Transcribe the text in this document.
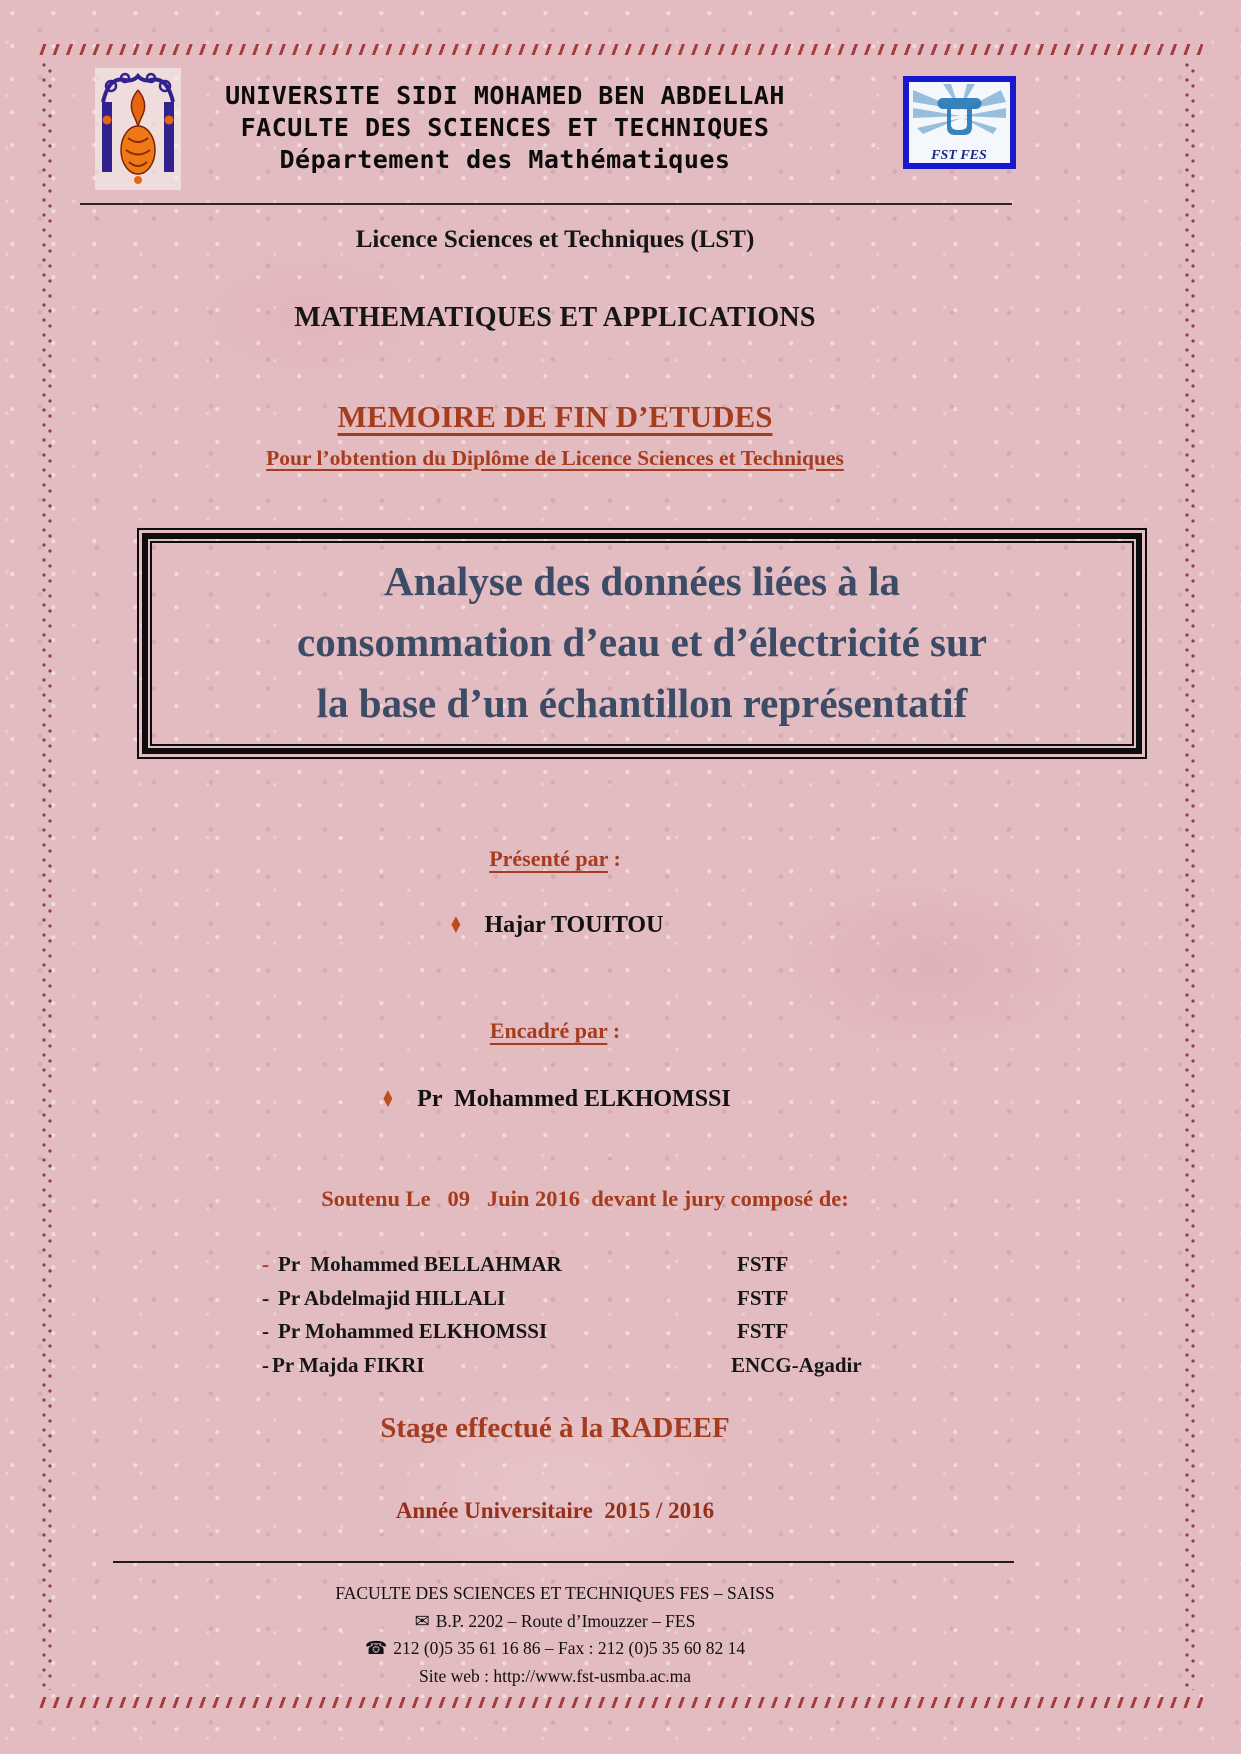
UNIVERSITE SIDI MOHAMED BEN ABDELLAH
FACULTE DES SCIENCES ET TECHNIQUES
Département des Mathématiques	FST FES
Licence Sciences et Techniques (LST)
MATHEMATIQUES ET APPLICATIONS
MEMOIRE DE FIN D’ETUDES
Pour l’obtention du Diplôme de Licence Sciences et Techniques
Analyse des données liées à la
consommation d’eau et d’électricité sur
la base d’un échantillon représentatif
Présenté par :
♦ Hajar TOUITOU
Encadré par :
♦ Pr  Mohammed ELKHOMSSI
Soutenu Le   09   Juin 2016  devant le jury composé de:
- Pr  Mohammed BELLAHMAR	FSTF
- Pr Abdelmajid HILLALI	FSTF
- Pr Mohammed ELKHOMSSI	FSTF
- Pr Majda FIKRI	ENCG-Agadir
Stage effectué à la RADEEF
Année Universitaire  2015 / 2016
FACULTE DES SCIENCES ET TECHNIQUES FES – SAISS
✉ B.P. 2202 – Route d’Imouzzer – FES
☎ 212 (0)5 35 61 16 86 – Fax : 212 (0)5 35 60 82 14
Site web : http://www.fst-usmba.ac.ma
